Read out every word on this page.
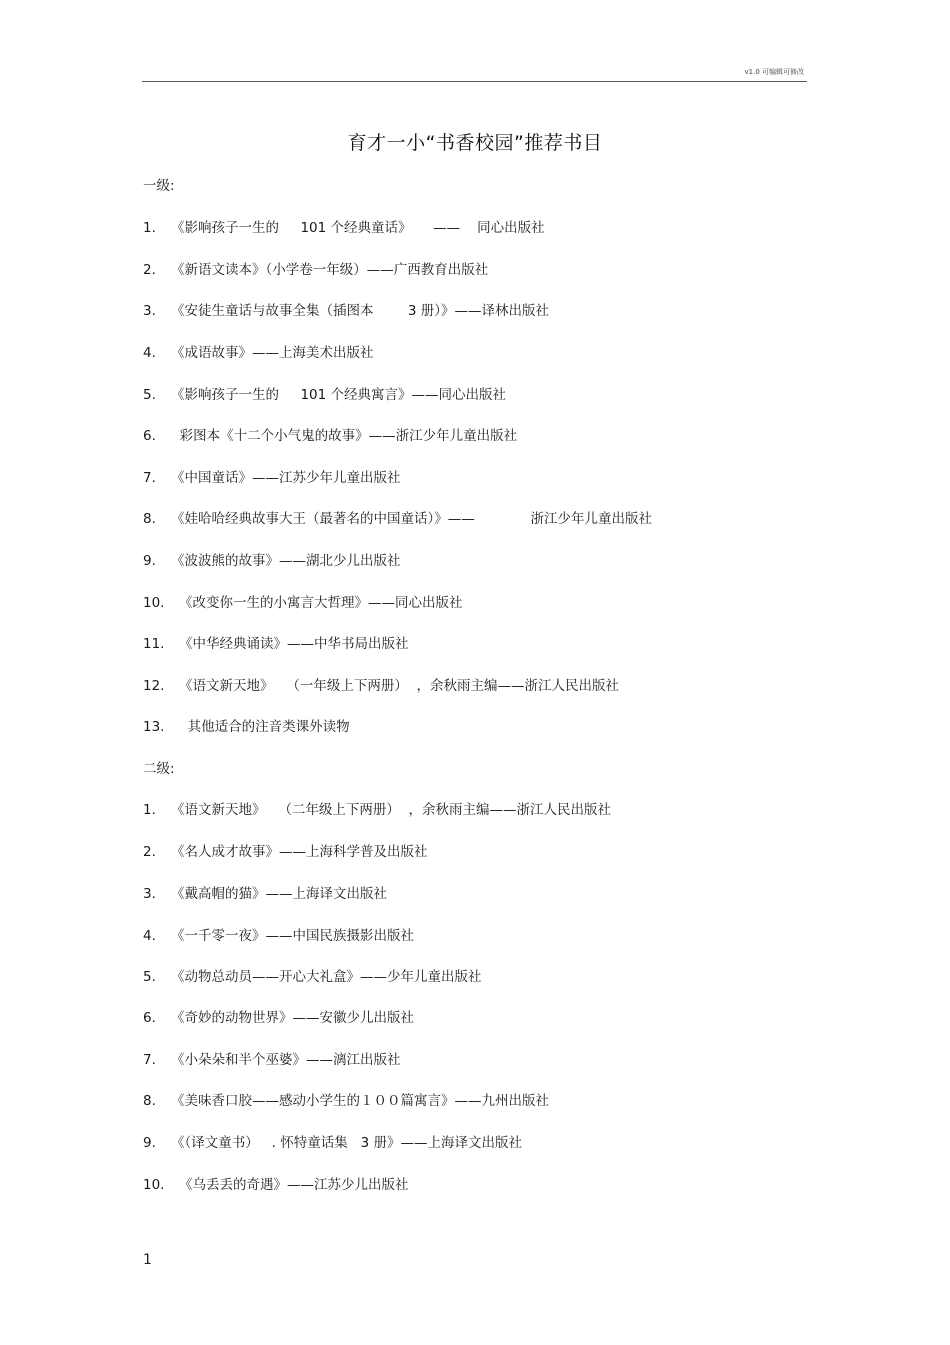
v1.0 可编辑可修改
育才一小“书香校园”推荐书目
一级:
1. 《影响孩子一生的     101 个经典童话》     ——    同心出版社
2. 《新语文读本》（小学卷一年级）——广西教育出版社
3. 《安徒生童话与故事全集（插图本        3 册）》——译林出版社
4. 《成语故事》——上海美术出版社
5. 《影响孩子一生的     101 个经典寓言》——同心出版社
6.  彩图本《十二个小气鬼的故事》——浙江少年儿童出版社
7. 《中国童话》——江苏少年儿童出版社
8. 《娃哈哈经典故事大王（最著名的中国童话）》——             浙江少年儿童出版社
9. 《波波熊的故事》——湖北少儿出版社
10. 《改变你一生的小寓言大哲理》——同心出版社
11. 《中华经典诵读》——中华书局出版社
12. 《语文新天地》   （一年级上下两册）  ，余秋雨主编——浙江人民出版社
13.  其他适合的注音类课外读物
二级:
1. 《语文新天地》   （二年级上下两册）  ，余秋雨主编——浙江人民出版社
2. 《名人成才故事》——上海科学普及出版社
3. 《戴高帽的猫》——上海译文出版社
4. 《一千零一夜》——中国民族摄影出版社
5. 《动物总动员——开心大礼盒》——少年儿童出版社
6. 《奇妙的动物世界》——安徽少儿出版社
7. 《小朵朵和半个巫婆》——漓江出版社
8. 《美味香口胶——感动小学生的１００篇寓言》——九州出版社
9. 《（译文童书）   . 怀特童话集   3 册》——上海译文出版社
10. 《乌丢丢的奇遇》——江苏少儿出版社
1
